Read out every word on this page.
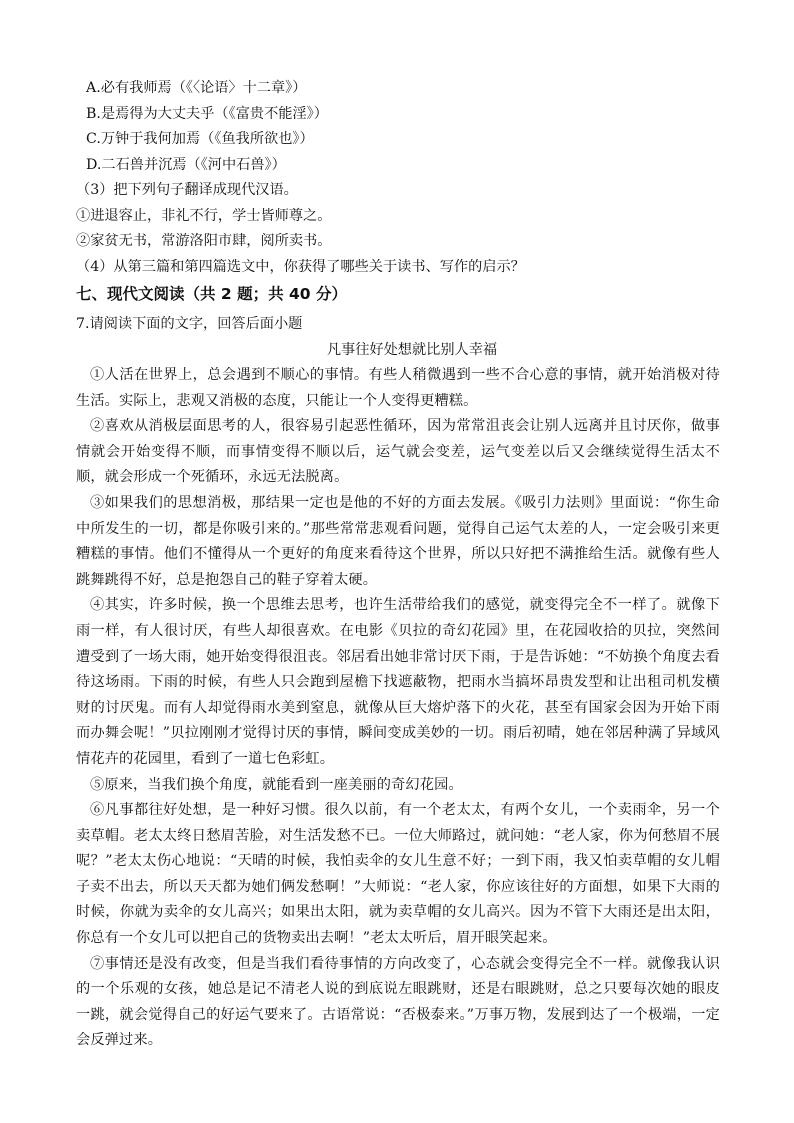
A.必有我师焉（《〈论语〉十二章》）

B.是焉得为大丈夫乎（《富贵不能淫》）

C.万钟于我何加焉（《鱼我所欲也》）

D.二石兽并沉焉（《河中石兽》）

（3）把下列句子翻译成现代汉语。

①进退容止，非礼不行，学士皆师尊之。

②家贫无书，常游洛阳市肆，阅所卖书。

（4）从第三篇和第四篇选文中，你获得了哪些关于读书、写作的启示？

七、现代文阅读（共 2 题；共 40 分）

7.请阅读下面的文字，回答后面小题

凡事往好处想就比别人幸福

①人活在世界上，总会遇到不顺心的事情。有些人稍微遇到一些不合心意的事情，就开始消极对待生活。实际上，悲观又消极的态度，只能让一个人变得更糟糕。

②喜欢从消极层面思考的人，很容易引起恶性循环，因为常常沮丧会让别人远离并且讨厌你，做事情就会开始变得不顺，而事情变得不顺以后，运气就会变差，运气变差以后又会继续觉得生活太不顺，就会形成一个死循环，永远无法脱离。

③如果我们的思想消极，那结果一定也是他的不好的方面去发展。《吸引力法则》里面说：“你生命中所发生的一切，都是你吸引来的。”那些常常悲观看问题，觉得自己运气太差的人，一定会吸引来更糟糕的事情。他们不懂得从一个更好的角度来看待这个世界，所以只好把不满推给生活。就像有些人跳舞跳得不好，总是抱怨自己的鞋子穿着太硬。

④其实，许多时候，换一个思维去思考，也许生活带给我们的感觉，就变得完全不一样了。就像下雨一样，有人很讨厌，有些人却很喜欢。在电影《贝拉的奇幻花园》里，在花园收拾的贝拉，突然间遭受到了一场大雨，她开始变得很沮丧。邻居看出她非常讨厌下雨，于是告诉她：“不妨换个角度去看待这场雨。下雨的时候，有些人只会跑到屋檐下找遮蔽物，把雨水当搞坏昂贵发型和让出租司机发横财的讨厌鬼。而有人却觉得雨水美到窒息，就像从巨大熔炉落下的火花，甚至有国家会因为开始下雨而办舞会呢！”贝拉刚刚才觉得讨厌的事情，瞬间变成美妙的一切。雨后初晴，她在邻居种满了异域风情花卉的花园里，看到了一道七色彩虹。

⑤原来，当我们换个角度，就能看到一座美丽的奇幻花园。

⑥凡事都往好处想，是一种好习惯。很久以前，有一个老太太，有两个女儿，一个卖雨伞，另一个卖草帽。老太太终日愁眉苦脸，对生活发愁不已。一位大师路过，就问她：“老人家，你为何愁眉不展呢？”老太太伤心地说：“天晴的时候，我怕卖伞的女儿生意不好；一到下雨，我又怕卖草帽的女儿帽子卖不出去，所以天天都为她们俩发愁啊！”大师说：“老人家，你应该往好的方面想，如果下大雨的时候，你就为卖伞的女儿高兴；如果出太阳，就为卖草帽的女儿高兴。因为不管下大雨还是出太阳，你总有一个女儿可以把自己的货物卖出去啊！”老太太听后，眉开眼笑起来。

⑦事情还是没有改变，但是当我们看待事情的方向改变了，心态就会变得完全不一样。就像我认识的一个乐观的女孩，她总是记不清老人说的到底说左眼跳财，还是右眼跳财，总之只要每次她的眼皮一跳，就会觉得自己的好运气要来了。古语常说：“否极泰来。”万事万物，发展到达了一个极端，一定会反弹过来。
